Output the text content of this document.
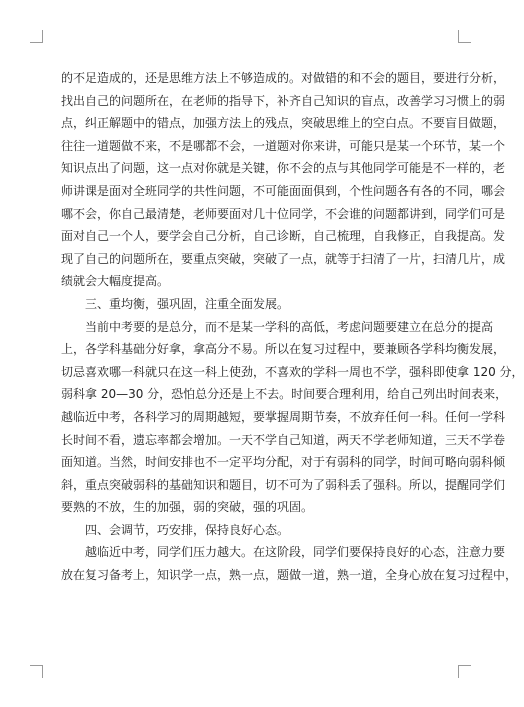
的不足造成的，还是思维方法上不够造成的。对做错的和不会的题目，要进行分析，
找出自己的问题所在，在老师的指导下，补齐自己知识的盲点，改善学习习惯上的弱
点，纠正解题中的错点，加强方法上的残点，突破思维上的空白点。不要盲目做题，
往往一道题做不来，不是哪都不会，一道题对你来讲，可能只是某一个环节，某一个
知识点出了问题，这一点对你就是关键，你不会的点与其他同学可能是不一样的，老
师讲课是面对全班同学的共性问题，不可能面面俱到，个性问题各有各的不同，哪会
哪不会，你自己最清楚，老师要面对几十位同学，不会谁的问题都讲到，同学们可是
面对自己一个人，要学会自己分析，自己诊断，自己梳理，自我修正，自我提高。发
现了自己的问题所在，要重点突破，突破了一点，就等于扫清了一片，扫清几片，成
绩就会大幅度提高。
三、重均衡，强巩固，注重全面发展。
当前中考要的是总分，而不是某一学科的高低，考虑问题要建立在总分的提高
上，各学科基础分好拿，拿高分不易。所以在复习过程中，要兼顾各学科均衡发展，
切忌喜欢哪一科就只在这一科上使劲，不喜欢的学科一周也不学，强科即使拿 120 分，
弱科拿 20—30 分，恐怕总分还是上不去。时间要合理利用，给自己列出时间表来，
越临近中考，各科学习的周期越短，要掌握周期节奏，不放弃任何一科。任何一学科
长时间不看，遗忘率都会增加。一天不学自己知道，两天不学老师知道，三天不学卷
面知道。当然，时间安排也不一定平均分配，对于有弱科的同学，时间可略向弱科倾
斜，重点突破弱科的基础知识和题目，切不可为了弱科丢了强科。所以，提醒同学们
要熟的不放，生的加强，弱的突破，强的巩固。
四、会调节，巧安排，保持良好心态。
越临近中考，同学们压力越大。在这阶段，同学们要保持良好的心态，注意力要
放在复习备考上，知识学一点，熟一点，题做一道，熟一道，全身心放在复习过程中，
